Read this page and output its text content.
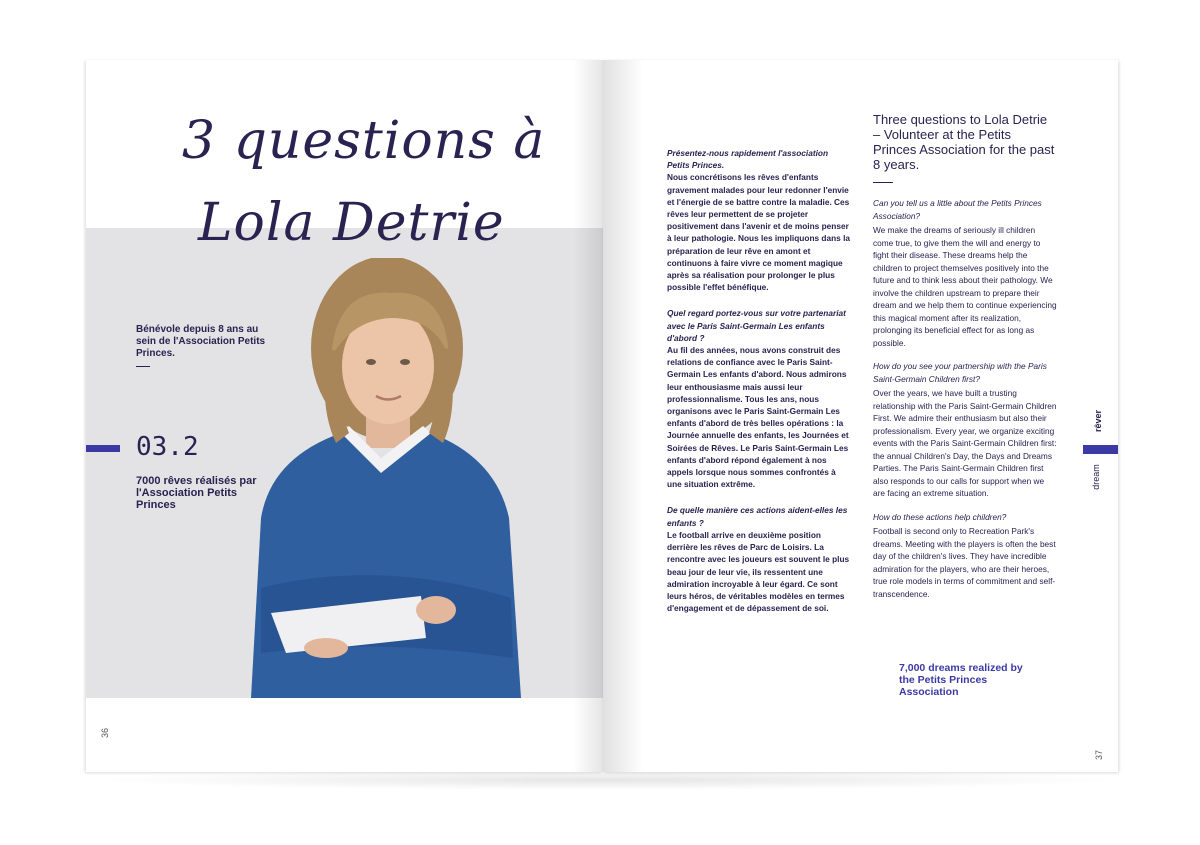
3 questions à
Lola Detrie
Bénévole depuis 8 ans au sein de l'Association Petits Princes.
03.2
7000 rêves réalisés par l'Association Petits Princes
36
Présentez-nous rapidement l'association Petits Princes.
Nous concrétisons les rêves d'enfants gravement malades pour leur redonner l'envie et l'énergie de se battre contre la maladie. Ces rêves leur permettent de se projeter positivement dans l'avenir et de moins penser à leur pathologie. Nous les impliquons dans la préparation de leur rêve en amont et continuons à faire vivre ce moment magique après sa réalisation pour prolonger le plus possible l'effet bénéfique.
Quel regard portez-vous sur votre partenariat avec le Paris Saint-Germain Les enfants d'abord ?
Au fil des années, nous avons construit des relations de confiance avec le Paris Saint-Germain Les enfants d'abord. Nous admirons leur enthousiasme mais aussi leur professionnalisme. Tous les ans, nous organisons avec le Paris Saint-Germain Les enfants d'abord de très belles opérations : la Journée annuelle des enfants, les Journées et Soirées de Rêves. Le Paris Saint-Germain Les enfants d'abord répond également à nos appels lorsque nous sommes confrontés à une situation extrême.
De quelle manière ces actions aident-elles les enfants ?
Le football arrive en deuxième position derrière les rêves de Parc de Loisirs. La rencontre avec les joueurs est souvent le plus beau jour de leur vie, ils ressentent une admiration incroyable à leur égard. Ce sont leurs héros, de véritables modèles en termes d'engagement et de dépassement de soi.
Three questions to Lola Detrie – Volunteer at the Petits Princes Association for the past 8 years.
Can you tell us a little about the Petits Princes Association?
We make the dreams of seriously ill children come true, to give them the will and energy to fight their disease. These dreams help the children to project themselves positively into the future and to think less about their pathology. We involve the children upstream to prepare their dream and we help them to continue experiencing this magical moment after its realization, prolonging its beneficial effect for as long as possible.
How do you see your partnership with the Paris Saint-Germain Children first?
Over the years, we have built a trusting relationship with the Paris Saint-Germain Children First. We admire their enthusiasm but also their professionalism. Every year, we organize exciting events with the Paris Saint-Germain Children first: the annual Children's Day, the Days and Dreams Parties. The Paris Saint-Germain Children first also responds to our calls for support when we are facing an extreme situation.
How do these actions help children?
Football is second only to Recreation Park's dreams. Meeting with the players is often the best day of the children's lives. They have incredible admiration for the players, who are their heroes, true role models in terms of commitment and self-transcendence.
7,000 dreams realized by the Petits Princes Association
rêver
dream
37
